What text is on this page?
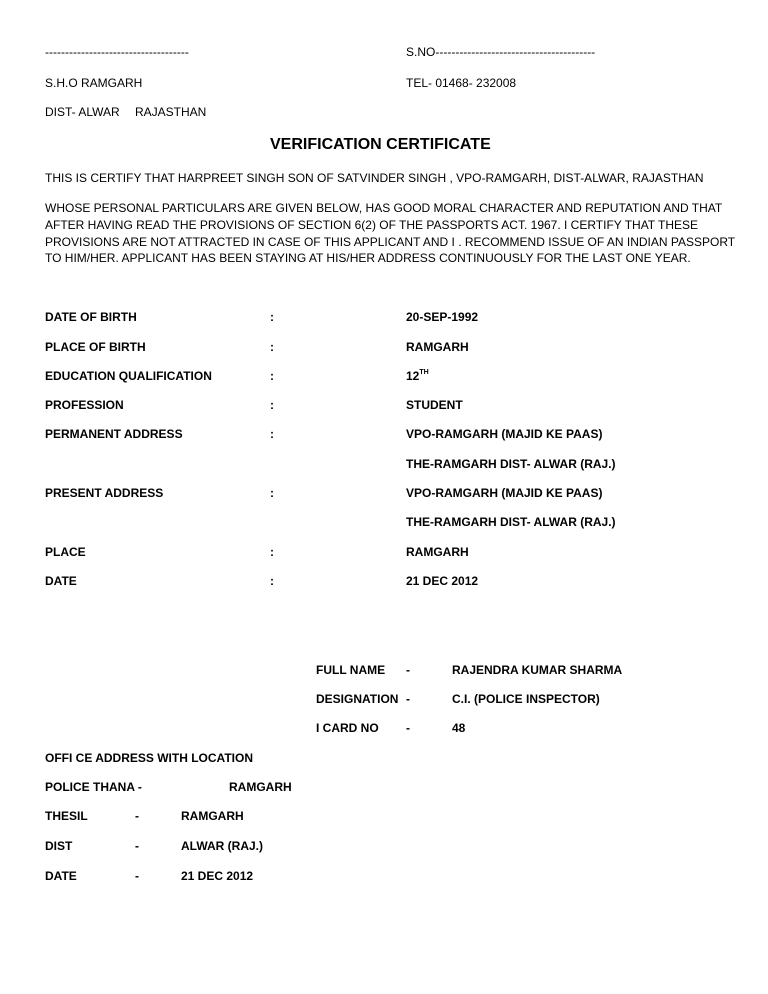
------------------------------------	S.NO----------------------------------------
S.H.O RAMGARH	TEL- 01468- 232008
DIST- ALWAR RAJASTHAN
VERIFICATION CERTIFICATE
THIS IS CERTIFY THAT HARPREET SINGH SON OF SATVINDER SINGH , VPO-RAMGARH, DIST-ALWAR, RAJASTHAN
WHOSE PERSONAL PARTICULARS ARE GIVEN BELOW, HAS GOOD MORAL CHARACTER AND REPUTATION AND THAT AFTER HAVING READ THE PROVISIONS OF SECTION 6(2) OF THE PASSPORTS ACT. 1967. I CERTIFY THAT THESE PROVISIONS ARE NOT ATTRACTED IN CASE OF THIS APPLICANT AND I . RECOMMEND ISSUE OF AN INDIAN PASSPORT TO HIM/HER. APPLICANT HAS BEEN STAYING AT HIS/HER ADDRESS CONTINUOUSLY FOR THE LAST ONE YEAR.
DATE OF BIRTH	:	20-SEP-1992
PLACE OF BIRTH	:	RAMGARH
EDUCATION QUALIFICATION	:	12TH
PROFESSION	:	STUDENT
PERMANENT ADDRESS	:	VPO-RAMGARH (MAJID KE PAAS)
THE-RAMGARH DIST- ALWAR (RAJ.)
PRESENT ADDRESS	:	VPO-RAMGARH (MAJID KE PAAS)
THE-RAMGARH DIST- ALWAR (RAJ.)
PLACE	:	RAMGARH
DATE	:	21 DEC 2012
FULL NAME -	RAJENDRA KUMAR SHARMA
DESIGNATION -	C.I. (POLICE INSPECTOR)
I CARD NO -	48
OFFI CE ADDRESS WITH LOCATION
POLICE THANA -	RAMGARH
THESIL	-	RAMGARH
DIST	-	ALWAR (RAJ.)
DATE	-	21 DEC 2012
